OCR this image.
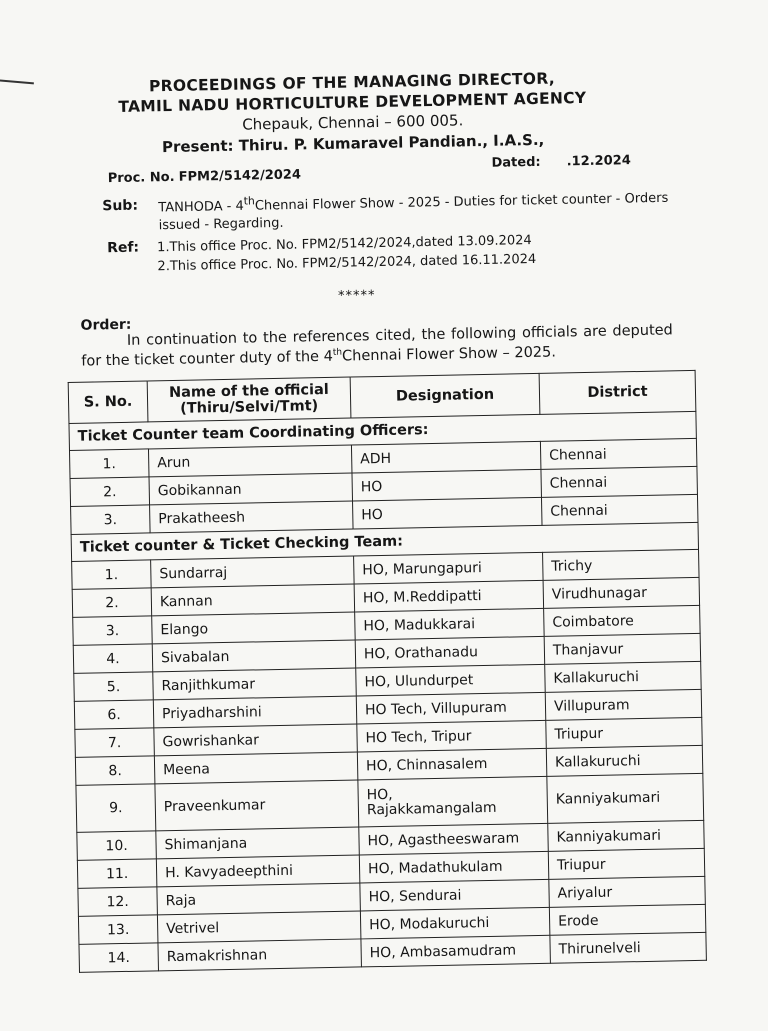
PROCEEDINGS OF THE MANAGING DIRECTOR,
TAMIL NADU HORTICULTURE DEVELOPMENT AGENCY
Chepauk, Chennai – 600 005.
Present: Thiru. P. Kumaravel Pandian., I.A.S.,
Proc. No. FPM2/5142/2024
Dated: .12.2024
Sub: TANHODA - 4thChennai Flower Show - 2025 - Duties for ticket counter - Orders issued - Regarding.
Ref: 1.This office Proc. No. FPM2/5142/2024,dated 13.09.2024
2.This office Proc. No. FPM2/5142/2024, dated 16.11.2024
*****
Order:
In continuation to the references cited, the following officials are deputed for the ticket counter duty of the 4thChennai Flower Show – 2025.
S. No.	Name of the official (Thiru/Selvi/Tmt)	Designation	District
Ticket Counter team Coordinating Officers:			
1.	Arun	ADH	Chennai
2.	Gobikannan	HO	Chennai
3.	Prakatheesh	HO	Chennai
Ticket counter & Ticket Checking Team:			
1.	Sundarraj	HO, Marungapuri	Trichy
2.	Kannan	HO, M.Reddipatti	Virudhunagar
3.	Elango	HO, Madukkarai	Coimbatore
4.	Sivabalan	HO, Orathanadu	Thanjavur
5.	Ranjithkumar	HO, Ulundurpet	Kallakuruchi
6.	Priyadharshini	HO Tech, Villupuram	Villupuram
7.	Gowrishankar	HO Tech, Tripur	Triupur
8.	Meena	HO, Chinnasalem	Kallakuruchi
9.	Praveenkumar	HO,
Rajakkamangalam	Kanniyakumari
10.	Shimanjana	HO, Agastheeswaram	Kanniyakumari
11.	H. Kavyadeepthini	HO, Madathukulam	Triupur
12.	Raja	HO, Sendurai	Ariyalur
13.	Vetrivel	HO, Modakuruchi	Erode
14.	Ramakrishnan	HO, Ambasamudram	Thirunelveli
